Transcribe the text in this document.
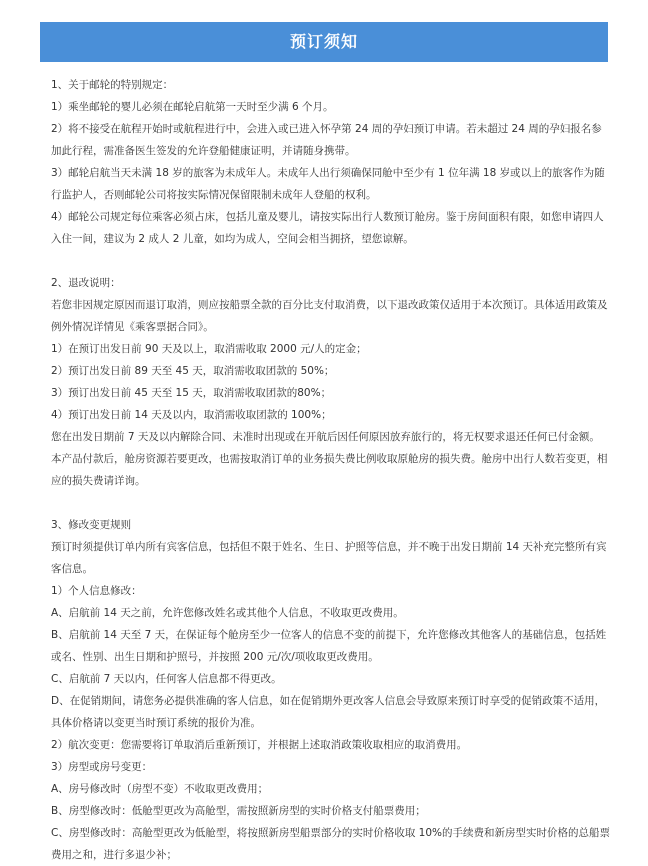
预订须知

1、关于邮轮的特别规定：

1）乘坐邮轮的婴儿必须在邮轮启航第一天时至少满 6 个月。

2）将不接受在航程开始时或航程进行中，会进入或已进入怀孕第 24 周的孕妇预订申请。若未超过 24 周的孕妇报名参加此行程，需准备医生签发的允许登船健康证明，并请随身携带。

3）邮轮启航当天未满 18 岁的旅客为未成年人。未成年人出行须确保同舱中至少有 1 位年满 18 岁或以上的旅客作为随行监护人，否则邮轮公司将按实际情况保留限制未成年人登船的权利。

4）邮轮公司规定每位乘客必须占床，包括儿童及婴儿，请按实际出行人数预订舱房。鉴于房间面积有限，如您申请四人入住一间，建议为 2 成人 2 儿童，如均为成人，空间会相当拥挤，望您谅解。

2、退改说明：

若您非因规定原因而退订取消，则应按船票全款的百分比支付取消费，以下退改政策仅适用于本次预订。具体适用政策及例外情况详情见《乘客票据合同》。

1）在预订出发日前 90 天及以上，取消需收取 2000 元/人的定金；

2）预订出发日前 89 天至 45 天，取消需收取团款的 50%；

3）预订出发日前 45 天至 15 天，取消需收取团款的80%；

4）预订出发日前 14 天及以内，取消需收取团款的 100%；

您在出发日期前 7 天及以内解除合同、未准时出现或在开航后因任何原因放弃旅行的，将无权要求退还任何已付金额。

本产品付款后，舱房资源若要更改，也需按取消订单的业务损失费比例收取原舱房的损失费。舱房中出行人数若变更，相应的损失费请详询。

3、修改变更规则

预订时须提供订单内所有宾客信息，包括但不限于姓名、生日、护照等信息，并不晚于出发日期前 14 天补充完整所有宾客信息。

1）个人信息修改：

A、启航前 14 天之前，允许您修改姓名或其他个人信息，不收取更改费用。

B、启航前 14 天至 7 天，在保证每个舱房至少一位客人的信息不变的前提下，允许您修改其他客人的基础信息，包括姓或名、性别、出生日期和护照号，并按照 200 元/次/项收取更改费用。

C、启航前 7 天以内，任何客人信息都不得更改。

D、在促销期间，请您务必提供准确的客人信息，如在促销期外更改客人信息会导致原来预订时享受的促销政策不适用，具体价格请以变更当时预订系统的报价为准。

2）航次变更：您需要将订单取消后重新预订，并根据上述取消政策收取相应的取消费用。

3）房型或房号变更：

A、房号修改时（房型不变）不收取更改费用；

B、房型修改时：低舱型更改为高舱型，需按照新房型的实时价格支付船票费用；

C、房型修改时：高舱型更改为低舱型，将按照新房型船票部分的实时价格收取 10%的手续费和新房型实时价格的总船票费用之和，进行多退少补；
